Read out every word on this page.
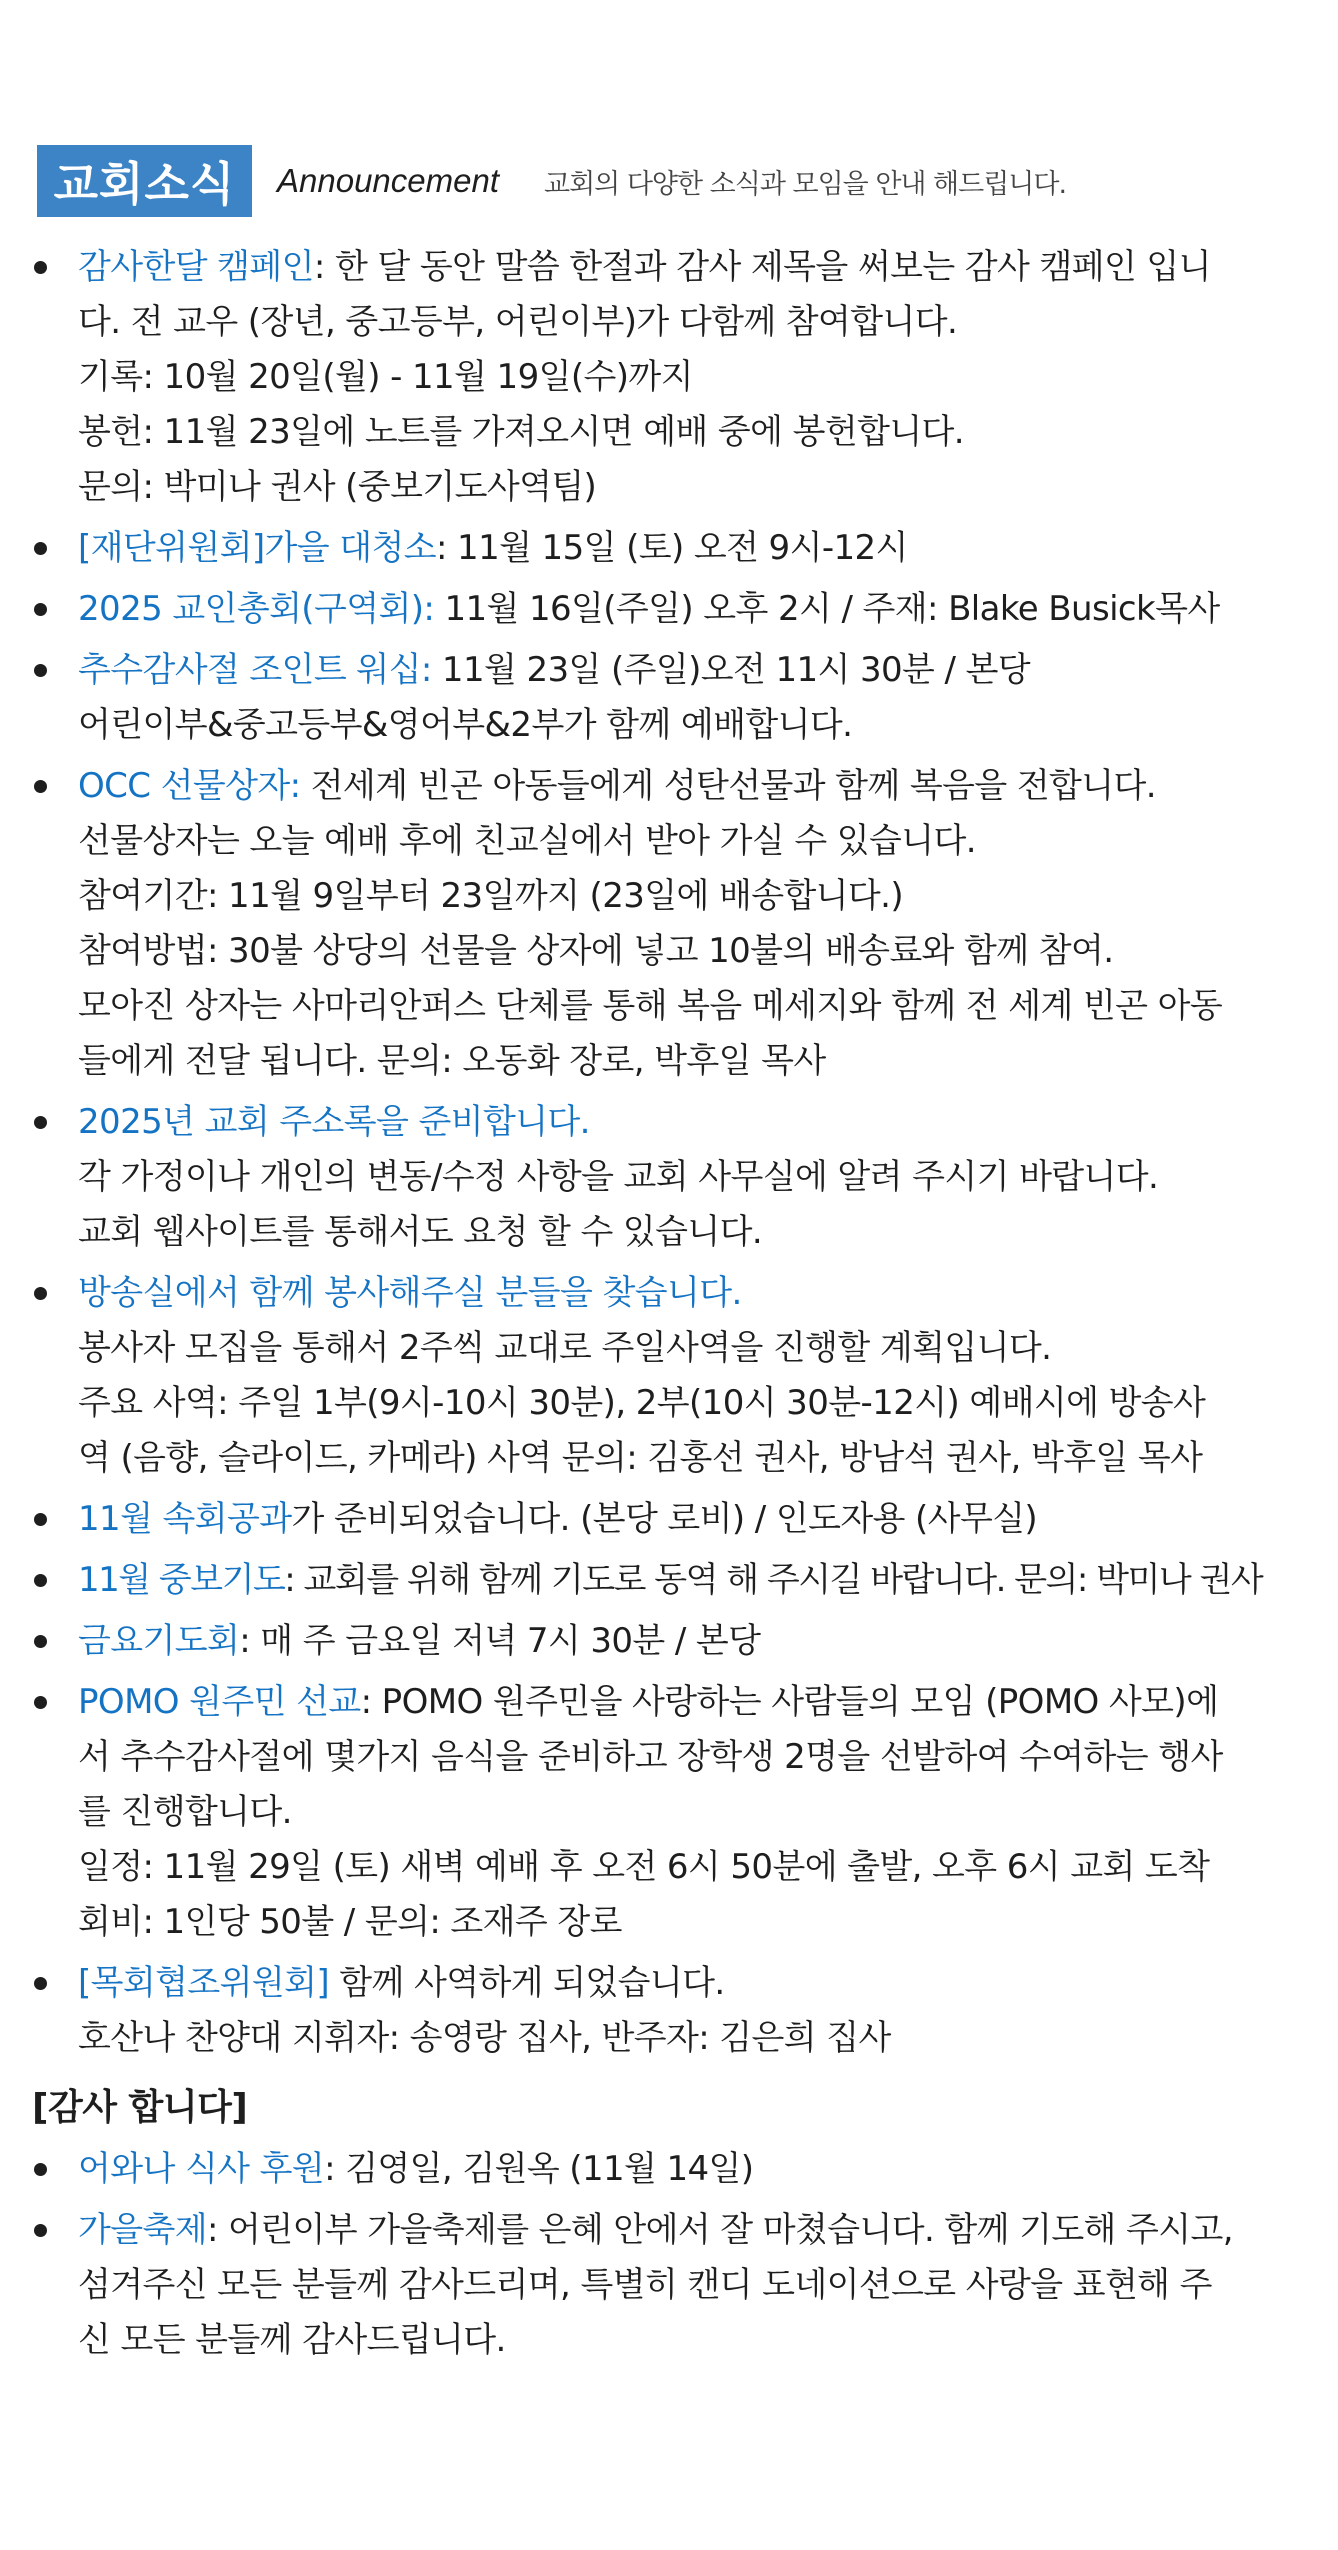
교회소식	Announcement 교회의 다양한 소식과 모임을 안내 해드립니다.
감사한달 캠페인: 한 달 동안 말씀 한절과 감사 제목을 써보는 감사 캠페인 입니
다. 전 교우 (장년, 중고등부, 어린이부)가 다함께 참여합니다.
기록: 10월 20일(월) - 11월 19일(수)까지
봉헌: 11월 23일에 노트를 가져오시면 예배 중에 봉헌합니다.
문의: 박미나 권사 (중보기도사역팀)
[재단위원회]가을 대청소: 11월 15일 (토) 오전 9시-12시
2025 교인총회(구역회): 11월 16일(주일) 오후 2시 / 주재: Blake Busick목사
추수감사절 조인트 워십: 11월 23일 (주일)오전 11시 30분 / 본당
어린이부&중고등부&영어부&2부가 함께 예배합니다.
OCC 선물상자: 전세계 빈곤 아동들에게 성탄선물과 함께 복음을 전합니다.
선물상자는 오늘 예배 후에 친교실에서 받아 가실 수 있습니다.
참여기간: 11월 9일부터 23일까지 (23일에 배송합니다.)
참여방법: 30불 상당의 선물을 상자에 넣고 10불의 배송료와 함께 참여.
모아진 상자는 사마리안퍼스 단체를 통해 복음 메세지와 함께 전 세계 빈곤 아동
들에게 전달 됩니다. 문의: 오동화 장로, 박후일 목사
2025년 교회 주소록을 준비합니다.
각 가정이나 개인의 변동/수정 사항을 교회 사무실에 알려 주시기 바랍니다.
교회 웹사이트를 통해서도 요청 할 수 있습니다.
방송실에서 함께 봉사해주실 분들을 찾습니다.
봉사자 모집을 통해서 2주씩 교대로 주일사역을 진행할 계획입니다.
주요 사역: 주일 1부(9시-10시 30분), 2부(10시 30분-12시) 예배시에 방송사
역 (음향, 슬라이드, 카메라) 사역 문의: 김홍선 권사, 방남석 권사, 박후일 목사
11월 속회공과가 준비되었습니다. (본당 로비) / 인도자용 (사무실)
11월 중보기도: 교회를 위해 함께 기도로 동역 해 주시길 바랍니다. 문의: 박미나 권사
금요기도회: 매 주 금요일 저녁 7시 30분 / 본당
POMO 원주민 선교: POMO 원주민을 사랑하는 사람들의 모임 (POMO 사모)에
서 추수감사절에 몇가지 음식을 준비하고 장학생 2명을 선발하여 수여하는 행사
를 진행합니다.
일정: 11월 29일 (토) 새벽 예배 후 오전 6시 50분에 출발, 오후 6시 교회 도착
회비: 1인당 50불 / 문의: 조재주 장로
[목회협조위원회] 함께 사역하게 되었습니다.
호산나 찬양대 지휘자: 송영랑 집사, 반주자: 김은희 집사
[감사 합니다]
어와나 식사 후원: 김영일, 김원옥 (11월 14일)
가을축제: 어린이부 가을축제를 은혜 안에서 잘 마쳤습니다. 함께 기도해 주시고,
섬겨주신 모든 분들께 감사드리며, 특별히 캔디 도네이션으로 사랑을 표현해 주
신 모든 분들께 감사드립니다.
